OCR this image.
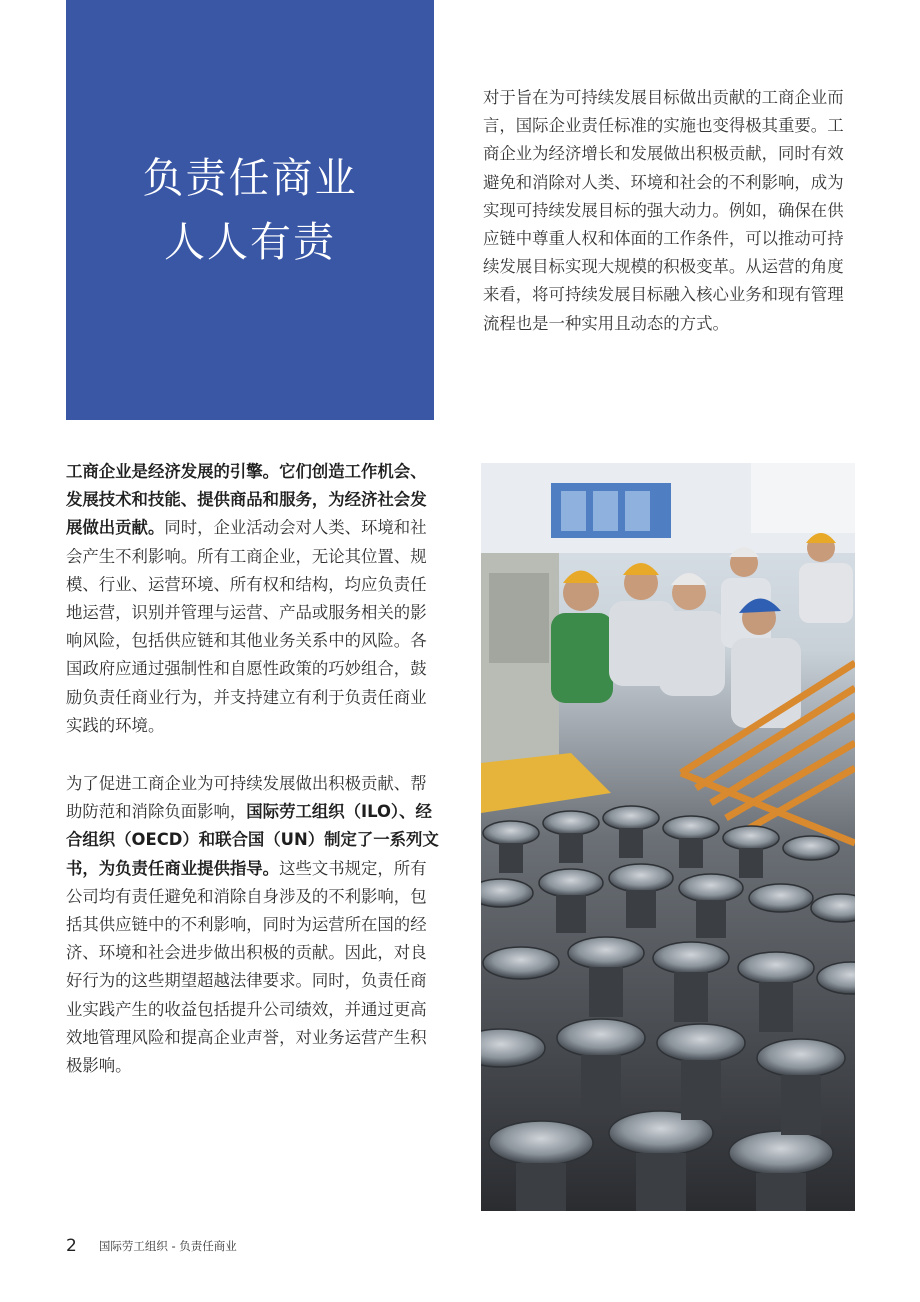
负责任商业
人人有责

对于旨在为可持续发展目标做出贡献的工商企业而言，国际企业责任标准的实施也变得极其重要。工商企业为经济增长和发展做出积极贡献，同时有效避免和消除对人类、环境和社会的不利影响，成为实现可持续发展目标的强大动力。例如，确保在供应链中尊重人权和体面的工作条件，可以推动可持续发展目标实现大规模的积极变革。从运营的角度来看，将可持续发展目标融入核心业务和现有管理流程也是一种实用且动态的方式。

工商企业是经济发展的引擎。它们创造工作机会、发展技术和技能、提供商品和服务，为经济社会发展做出贡献。同时，企业活动会对人类、环境和社会产生不利影响。所有工商企业，无论其位置、规模、行业、运营环境、所有权和结构，均应负责任地运营，识别并管理与运营、产品或服务相关的影响风险，包括供应链和其他业务关系中的风险。各国政府应通过强制性和自愿性政策的巧妙组合，鼓励负责任商业行为，并支持建立有利于负责任商业实践的环境。

为了促进工商企业为可持续发展做出积极贡献、帮助防范和消除负面影响，国际劳工组织（ILO）、经合组织（OECD）和联合国（UN）制定了一系列文书，为负责任商业提供指导。这些文书规定，所有公司均有责任避免和消除自身涉及的不利影响，包括其供应链中的不利影响，同时为运营所在国的经济、环境和社会进步做出积极的贡献。因此，对良好行为的这些期望超越法律要求。同时，负责任商业实践产生的收益包括提升公司绩效，并通过更高效地管理风险和提高企业声誉，对业务运营产生积极影响。

2 国际劳工组织 - 负责任商业
